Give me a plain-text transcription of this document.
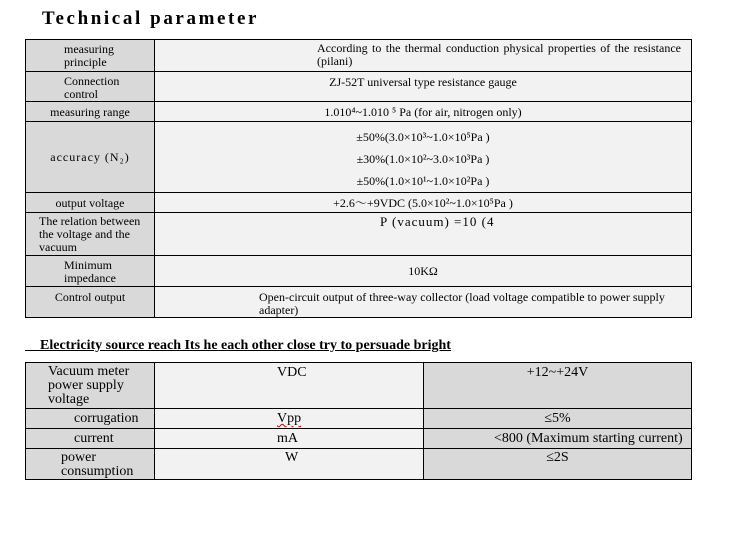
Technical parameter
measuring principle	According to the thermal conduction physical properties of the resistance (pilani)

Connection control	ZJ-52T universal type resistance gauge

measuring range	1.010⁴~1.010 ⁵ Pa (for air, nitrogen only)

accuracy (N₂)	±50%(3.0×10³~1.0×10⁵Pa )
±30%(1.0×10²~3.0×10³Pa )
±50%(1.0×10¹~1.0×10²Pa )

output voltage	+2.6～+9VDC (5.0×10²~1.0×10⁵Pa )

The relation between the voltage and the vacuum	P (vacuum) =10 (4

Minimum impedance	10KΩ

Control output	Open-circuit output of three-way collector (load voltage compatible to power supply adapter)
Electricity source reach Its he each other close try to persuade bright
Vacuum meter power supply voltage	VDC	+12~+24V

corrugation	Vpp	≤5%

current	mA	<800 (Maximum starting current)

power consumption	W	≤2S
